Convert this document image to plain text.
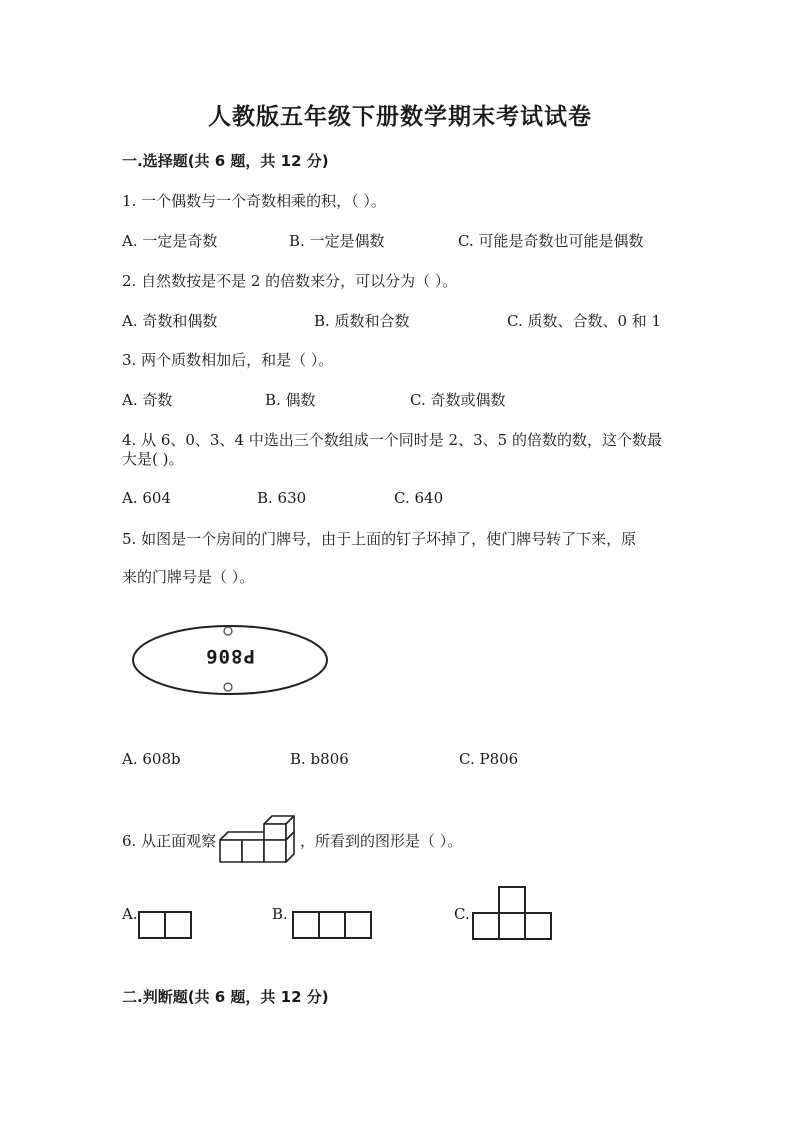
人教版五年级下册数学期末考试试卷
一.选择题(共 6 题，共 12 分)
1. 一个偶数与一个奇数相乘的积，（ ）。
A. 一定是奇数	B. 一定是偶数	C. 可能是奇数也可能是偶数
2. 自然数按是不是 2 的倍数来分，可以分为（ ）。
A. 奇数和偶数	B. 质数和合数	C. 质数、合数、0 和 1
3. 两个质数相加后，和是（ ）。
A. 奇数	B. 偶数	C. 奇数或偶数
4. 从 6、0、3、4 中选出三个数组成一个同时是 2、3、5 的倍数的数，这个数最
大是( )。
A. 604	B. 630	C. 640
5. 如图是一个房间的门牌号，由于上面的钉子坏掉了，使门牌号转了下来，原
来的门牌号是（ ）。
P806
A. 608b	B. b806	C. P806
6. 从正面观察	，所看到的图形是（ ）。
A.	B.	C.
二.判断题(共 6 题，共 12 分)
